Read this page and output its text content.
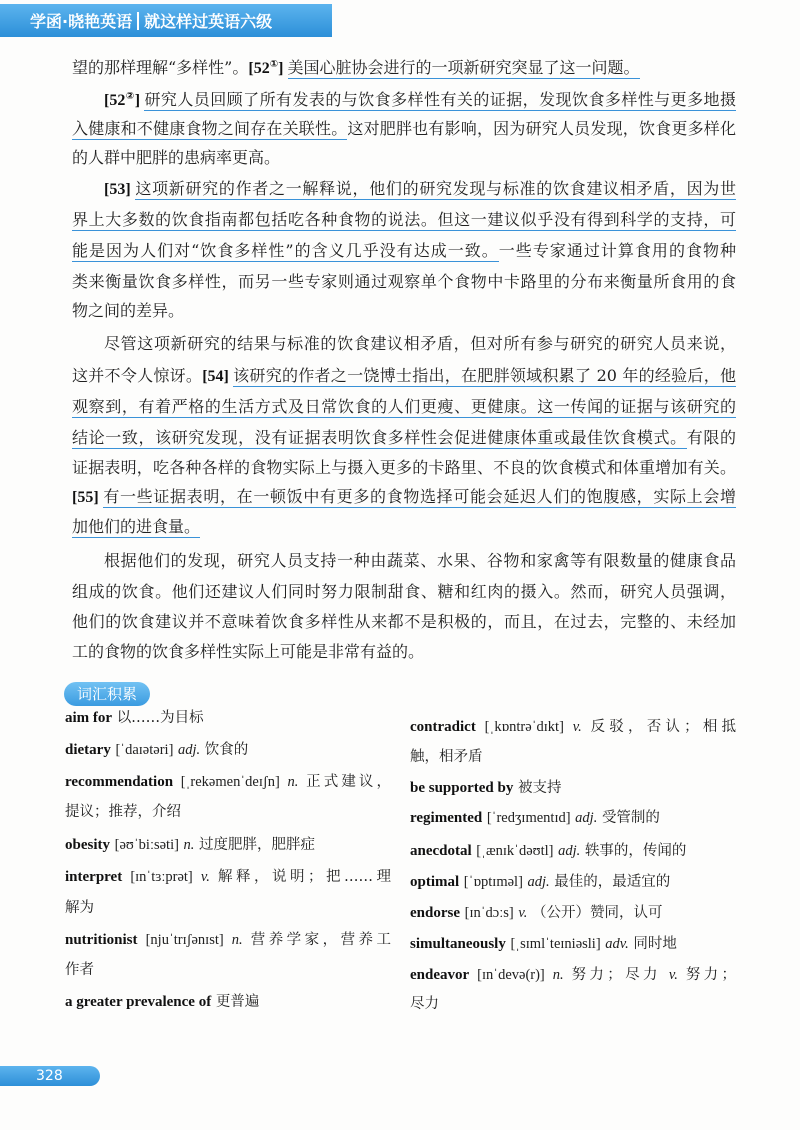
学函·晓艳英语 就这样过英语六级
望的那样理解“多样性”。[52①] 美国心脏协会进行的一项新研究突显了这一问题。
[52②] 研究人员回顾了所有发表的与饮食多样性有关的证据，发现饮食多样性与更多地摄
入健康和不健康食物之间存在关联性。这对肥胖也有影响，因为研究人员发现，饮食更多样化
的人群中肥胖的患病率更高。
[53] 这项新研究的作者之一解释说，他们的研究发现与标准的饮食建议相矛盾，因为世
界上大多数的饮食指南都包括吃各种食物的说法。但这一建议似乎没有得到科学的支持，可
能是因为人们对“饮食多样性”的含义几乎没有达成一致。一些专家通过计算食用的食物种
类来衡量饮食多样性，而另一些专家则通过观察单个食物中卡路里的分布来衡量所食用的食
物之间的差异。
尽管这项新研究的结果与标准的饮食建议相矛盾，但对所有参与研究的研究人员来说，
这并不令人惊讶。[54] 该研究的作者之一饶博士指出，在肥胖领域积累了 20 年的经验后，他
观察到，有着严格的生活方式及日常饮食的人们更瘦、更健康。这一传闻的证据与该研究的
结论一致，该研究发现，没有证据表明饮食多样性会促进健康体重或最佳饮食模式。有限的
证据表明，吃各种各样的食物实际上与摄入更多的卡路里、不良的饮食模式和体重增加有关。
[55] 有一些证据表明，在一顿饭中有更多的食物选择可能会延迟人们的饱腹感，实际上会增
加他们的进食量。
根据他们的发现，研究人员支持一种由蔬菜、水果、谷物和家禽等有限数量的健康食品
组成的饮食。他们还建议人们同时努力限制甜食、糖和红肉的摄入。然而，研究人员强调，
他们的饮食建议并不意味着饮食多样性从来都不是积极的，而且，在过去，完整的、未经加
工的食物的饮食多样性实际上可能是非常有益的。
词汇积累
aim for 以……为目标
dietary [ˈdaɪətəri] adj. 饮食的
recommendation [ˌrekəmenˈdeɪʃn] n. 正式建议，
提议；推荐，介绍
obesity [əʊˈbiːsəti] n. 过度肥胖，肥胖症
interpret [ɪnˈtɜːprət] v. 解释，说明；把……理
解为
nutritionist [njuˈtrɪʃənɪst] n. 营养学家，营养工
作者
a greater prevalence of 更普遍
contradict [ˌkɒntrəˈdɪkt] v. 反驳，否认；相抵
触，相矛盾
be supported by 被支持
regimented [ˈredʒɪmentɪd] adj. 受管制的
anecdotal [ˌænɪkˈdəʊtl] adj. 轶事的，传闻的
optimal [ˈɒptɪməl] adj. 最佳的，最适宜的
endorse [ɪnˈdɔːs] v. （公开）赞同，认可
simultaneously [ˌsɪmlˈteɪniəsli] adv. 同时地
endeavor [ɪnˈdevə(r)] n. 努力；尽力 v. 努力；
尽力
328
